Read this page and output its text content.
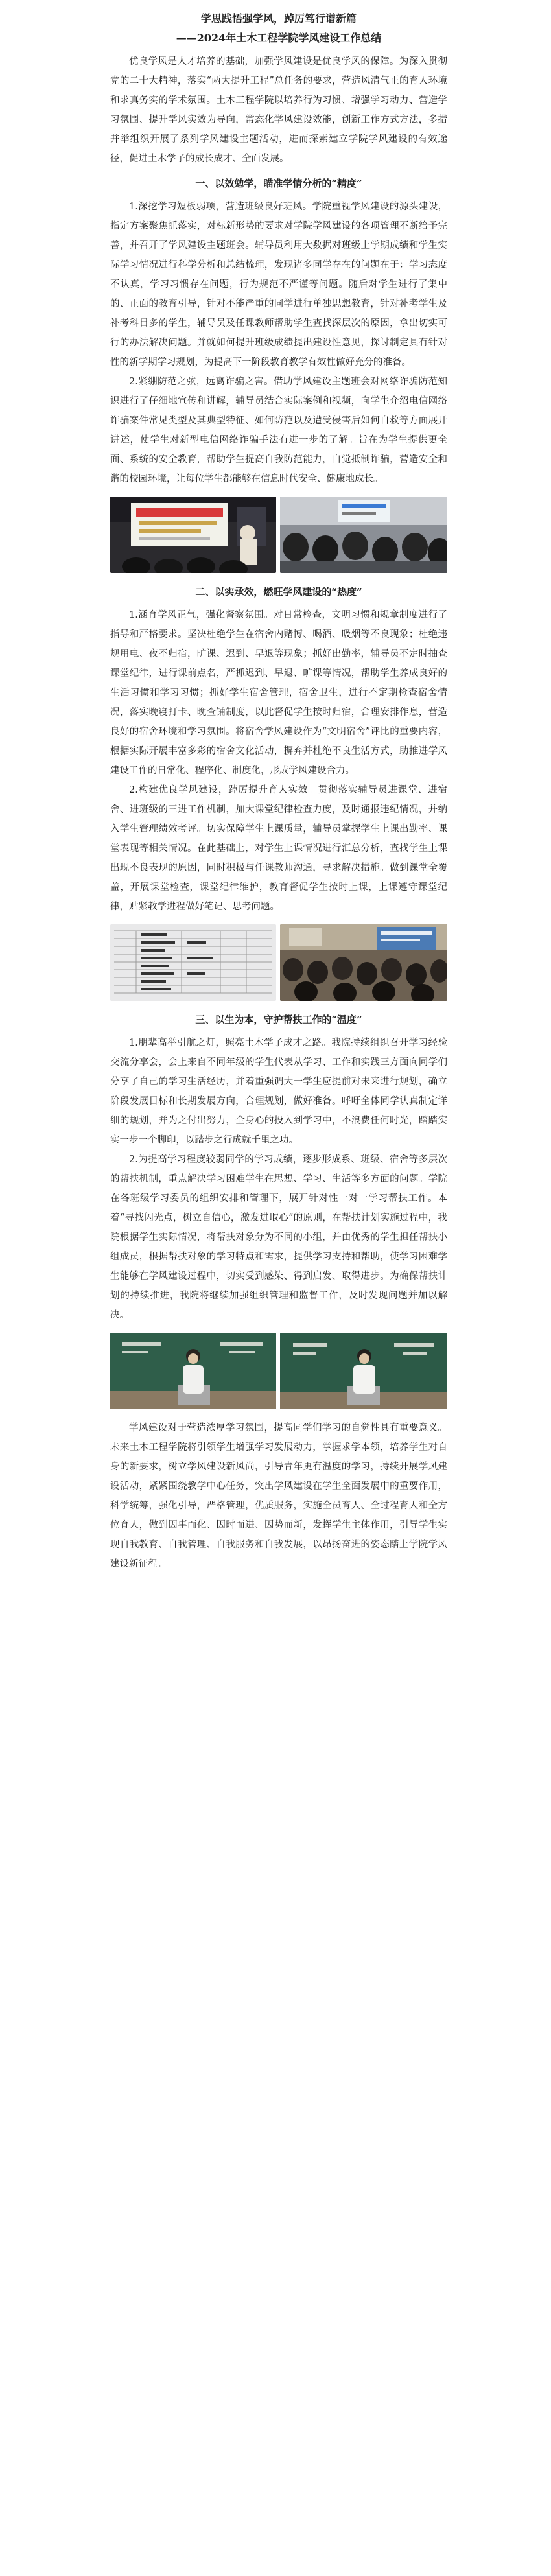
学思践悟强学风，踔厉笃行谱新篇
——2024年土木工程学院学风建设工作总结

优良学风是人才培养的基础，加强学风建设是优良学风的保障。为深入贯彻党的二十大精神，落实“两大提升工程”总任务的要求，营造风清气正的育人环境和求真务实的学术氛围。土木工程学院以培养行为习惯、增强学习动力、营造学习氛围、提升学风实效为导向，常态化学风建设效能，创新工作方式方法，多措并举组织开展了系列学风建设主题活动，进而探索建立学院学风建设的有效途径，促进土木学子的成长成才、全面发展。

一、以效勉学，瞄准学情分析的“精度”

1.深挖学习短板弱项，营造班级良好班风。学院重视学风建设的源头建设，指定方案聚焦抓落实，对标新形势的要求对学院学风建设的各项管理不断给予完善，并召开了学风建设主题班会。辅导员利用大数据对班级上学期成绩和学生实际学习情况进行科学分析和总结梳理，发现诸多同学存在的问题在于：学习态度不认真，学习习惯存在问题，行为规范不严谨等问题。随后对学生进行了集中的、正面的教育引导，针对不能严重的同学进行单独思想教育，针对补考学生及补考科目多的学生，辅导员及任课教师帮助学生查找深层次的原因，拿出切实可行的办法解决问题。并就如何提升班级成绩提出建设性意见，探讨制定具有针对性的新学期学习规划，为提高下一阶段教育教学有效性做好充分的准备。

2.紧绷防范之弦，远离诈骗之害。借助学风建设主题班会对网络诈骗防范知识进行了仔细地宣传和讲解，辅导员结合实际案例和视频，向学生介绍电信网络诈骗案件常见类型及其典型特征、如何防范以及遭受侵害后如何自救等方面展开讲述，使学生对新型电信网络诈骗手法有进一步的了解。旨在为学生提供更全面、系统的安全教育，帮助学生提高自我防范能力，自觉抵制诈骗，营造安全和谐的校园环境，让每位学生都能够在信息时代安全、健康地成长。

二、以实承效，燃旺学风建设的“热度”

1.涵育学风正气，强化督察氛围。对日常检查，文明习惯和规章制度进行了指导和严格要求。坚决杜绝学生在宿舍内赌博、喝酒、吸烟等不良现象；杜绝违规用电、夜不归宿，旷课、迟到、早退等现象；抓好出勤率，辅导员不定时抽查课堂纪律，进行课前点名，严抓迟到、早退、旷课等情况，帮助学生养成良好的生活习惯和学习习惯；抓好学生宿舍管理，宿舍卫生，进行不定期检查宿舍情况，落实晚寝打卡、晚查铺制度，以此督促学生按时归宿，合理安排作息，营造良好的宿舍环境和学习氛围。将宿舍学风建设作为“文明宿舍”评比的重要内容，根据实际开展丰富多彩的宿舍文化活动，摒弃并杜绝不良生活方式，助推进学风建设工作的日常化、程序化、制度化，形成学风建设合力。

2.构建优良学风建设，踔厉提升育人实效。贯彻落实辅导员进课堂、进宿舍、进班级的三进工作机制，加大课堂纪律检查力度，及时通报违纪情况，并纳入学生管理绩效考评。切实保障学生上课质量，辅导员掌握学生上课出勤率、课堂表现等相关情况。在此基础上，对学生上课情况进行汇总分析，查找学生上课出现不良表现的原因，同时积极与任课教师沟通，寻求解决措施。做到课堂全覆盖，开展课堂检查，课堂纪律维护，教育督促学生按时上课，上课遵守课堂纪律，贴紧教学进程做好笔记、思考问题。

三、以生为本，守护帮扶工作的“温度”

1.朋辈高举引航之灯，照亮土木学子成才之路。我院持续组织召开学习经验交流分享会，会上来自不同年级的学生代表从学习、工作和实践三方面向同学们分享了自己的学习生活经历，并着重强调大一学生应提前对未来进行规划，确立阶段发展目标和长期发展方向，合理规划，做好准备。呼吁全体同学认真制定详细的规划，并为之付出努力，全身心的投入到学习中，不浪费任何时光，踏踏实实一步一个脚印，以踏步之行成就千里之功。

2.为提高学习程度较弱同学的学习成绩，逐步形成系、班级、宿舍等多层次的帮扶机制，重点解决学习困难学生在思想、学习、生活等多方面的问题。学院在各班级学习委员的组织安排和管理下，展开针对性一对一学习帮扶工作。本着“寻找闪光点，树立自信心，激发进取心”的原则，在帮扶计划实施过程中，我院根据学生实际情况，将帮扶对象分为不同的小组，并由优秀的学生担任帮扶小组成员，根据帮扶对象的学习特点和需求，提供学习支持和帮助，使学习困难学生能够在学风建设过程中，切实受到感染、得到启发、取得进步。为确保帮扶计划的持续推进，我院将继续加强组织管理和监督工作，及时发现问题并加以解决。

学风建设对于营造浓厚学习氛围，提高同学们学习的自觉性具有重要意义。未来土木工程学院将引领学生增强学习发展动力，掌握求学本领，培养学生对自身的新要求，树立学风建设新风尚，引导青年更有温度的学习，持续开展学风建设活动，紧紧围绕教学中心任务，突出学风建设在学生全面发展中的重要作用，科学统筹，强化引导，严格管理，优质服务，实施全员育人、全过程育人和全方位育人，做到因事而化、因时而进、因势而新，发挥学生主体作用，引导学生实现自我教育、自我管理、自我服务和自我发展，以昂扬奋进的姿态踏上学院学风建设新征程。
